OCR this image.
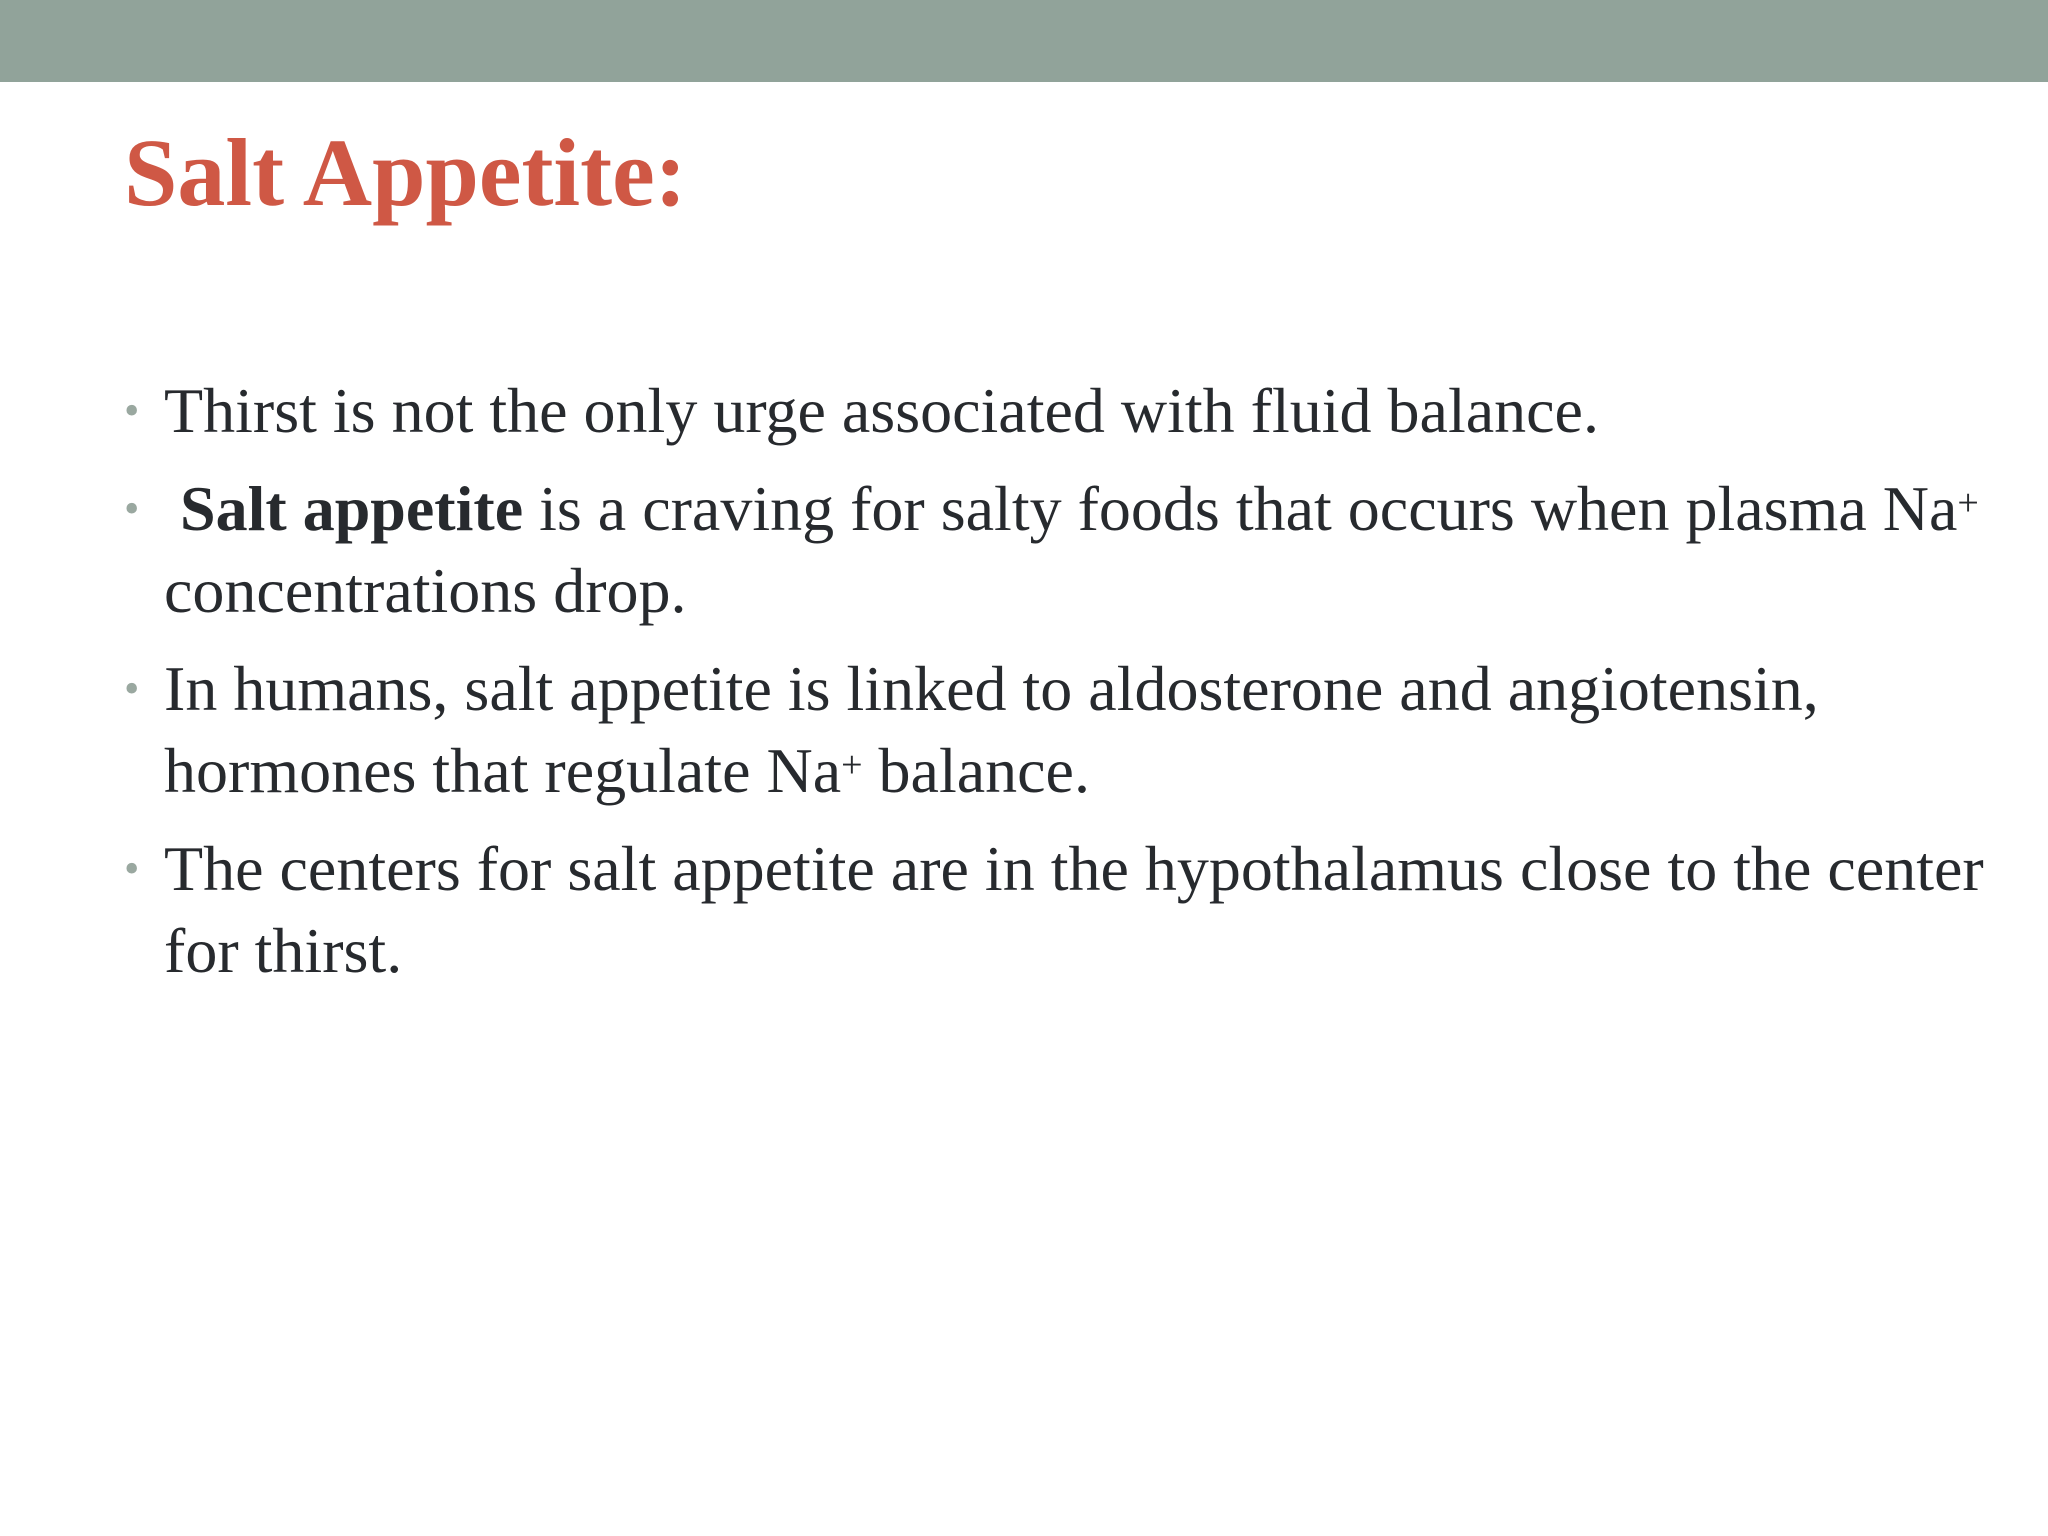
Salt Appetite:
• Thirst is not the only urge associated with fluid balance.
• Salt appetite is a craving for salty foods that occurs when plasma Na+ concentrations drop.
• In humans, salt appetite is linked to aldosterone and angiotensin, hormones that regulate Na+ balance.
• The centers for salt appetite are in the hypothalamus close to the center for thirst.
